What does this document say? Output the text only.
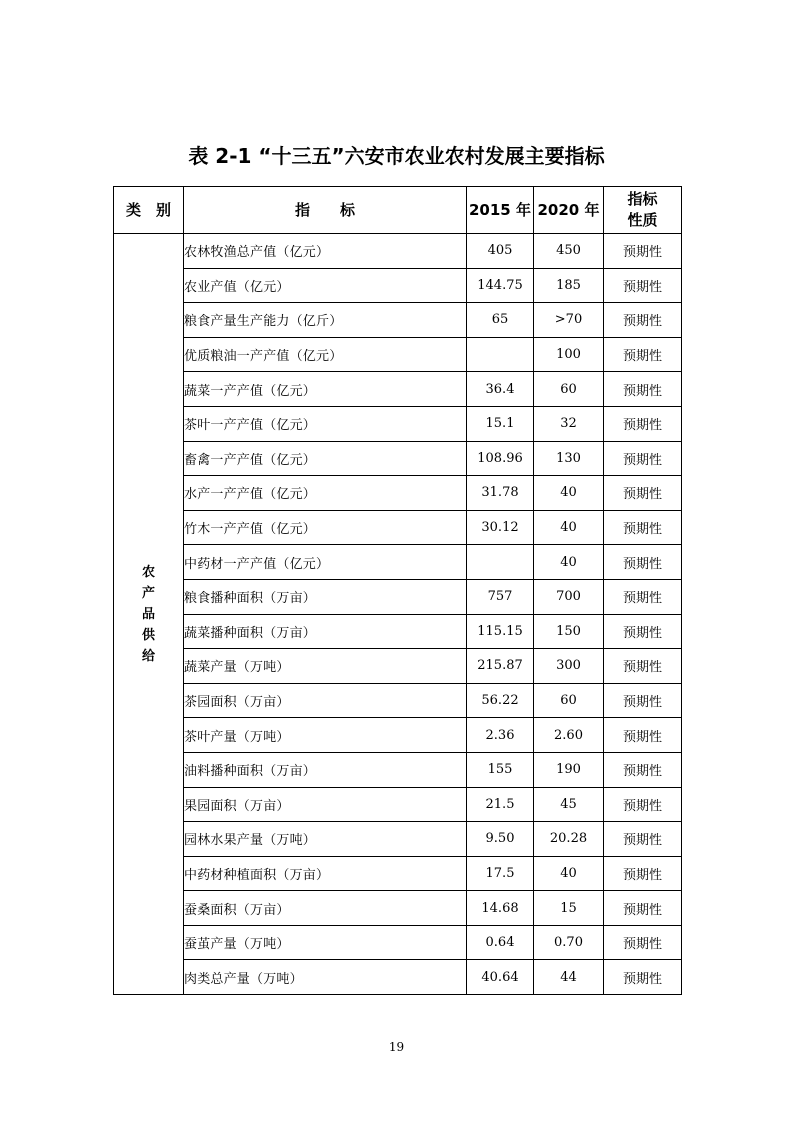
表 2-1 “十三五”六安市农业农村发展主要指标
类　别	指　　标	2015 年	2020 年	指标性质
农产品供给	农林牧渔总产值（亿元）	405	450	预期性
	农业产值（亿元）	144.75	185	预期性
	粮食产量生产能力（亿斤）	65	>70	预期性
	优质粮油一产产值（亿元）		100	预期性
	蔬菜一产产值（亿元）	36.4	60	预期性
	茶叶一产产值（亿元）	15.1	32	预期性
	畜禽一产产值（亿元）	108.96	130	预期性
	水产一产产值（亿元）	31.78	40	预期性
	竹木一产产值（亿元）	30.12	40	预期性
	中药材一产产值（亿元）		40	预期性
	粮食播种面积（万亩）	757	700	预期性
	蔬菜播种面积（万亩）	115.15	150	预期性
	蔬菜产量（万吨）	215.87	300	预期性
	茶园面积（万亩）	56.22	60	预期性
	茶叶产量（万吨）	2.36	2.60	预期性
	油料播种面积（万亩）	155	190	预期性
	果园面积（万亩）	21.5	45	预期性
	园林水果产量（万吨）	9.50	20.28	预期性
	中药材种植面积（万亩）	17.5	40	预期性
	蚕桑面积（万亩）	14.68	15	预期性
	蚕茧产量（万吨）	0.64	0.70	预期性
	肉类总产量（万吨）	40.64	44	预期性
19
